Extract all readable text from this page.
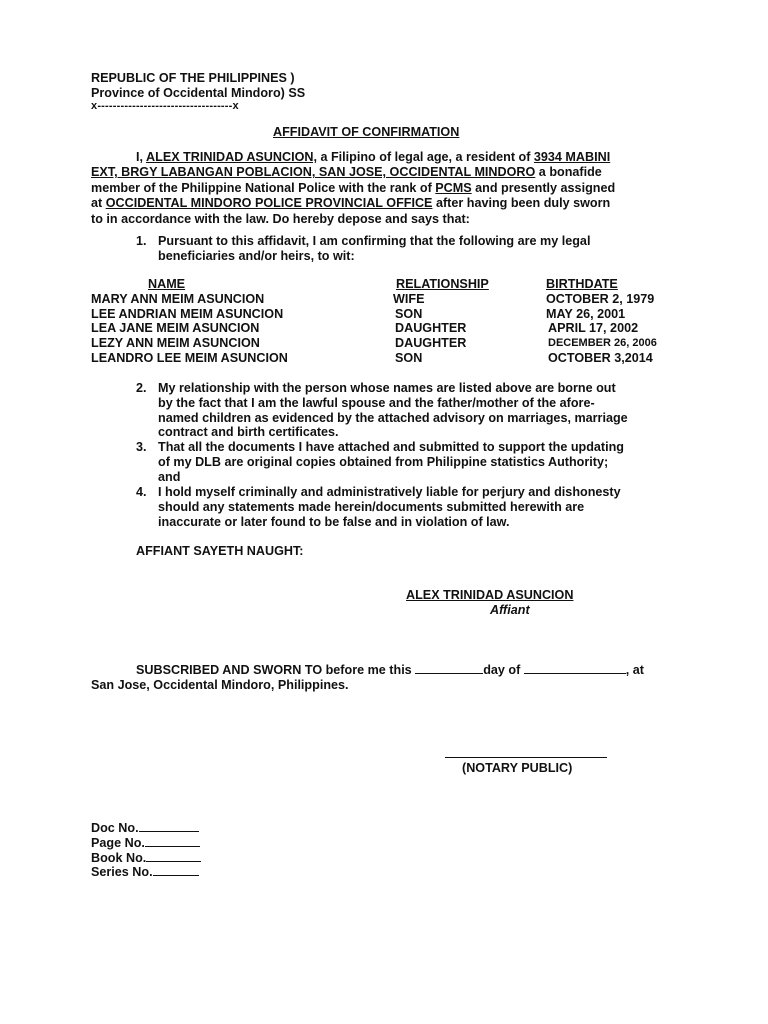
REPUBLIC OF THE PHILIPPINES )
Province of Occidental Mindoro) SS
x-----------------------------------x
AFFIDAVIT OF CONFIRMATION
I, ALEX TRINIDAD ASUNCION, a Filipino of legal age, a resident of 3934 MABINI
EXT, BRGY LABANGAN POBLACION, SAN JOSE, OCCIDENTAL MINDORO a bonafide
member of the Philippine National Police with the rank of PCMS and presently assigned
at OCCIDENTAL MINDORO POLICE PROVINCIAL OFFICE after having been duly sworn
to in accordance with the law. Do hereby depose and says that:
1. Pursuant to this affidavit, I am confirming that the following are my legal
beneficiaries and/or heirs, to wit:
NAME	RELATIONSHIP	BIRTHDATE
MARY ANN MEIM ASUNCION	WIFE	OCTOBER 2, 1979
LEE ANDRIAN MEIM ASUNCION	SON	MAY 26, 2001
LEA JANE MEIM ASUNCION	DAUGHTER	APRIL 17, 2002
LEZY ANN MEIM ASUNCION	DAUGHTER	DECEMBER 26, 2006
LEANDRO LEE MEIM ASUNCION	SON	OCTOBER 3,2014
2. My relationship with the person whose names are listed above are borne out
by the fact that I am the lawful spouse and the father/mother of the afore-
named children as evidenced by the attached advisory on marriages, marriage
contract and birth certificates.
3. That all the documents I have attached and submitted to support the updating
of my DLB are original copies obtained from Philippine statistics Authority;
and
4. I hold myself criminally and administratively liable for perjury and dishonesty
should any statements made herein/documents submitted herewith are
inaccurate or later found to be false and in violation of law.
AFFIANT SAYETH NAUGHT:
ALEX TRINIDAD ASUNCION
Affiant
SUBSCRIBED AND SWORN TO before me this	day of	, at
San Jose, Occidental Mindoro, Philippines.
(NOTARY PUBLIC)
Doc No.
Page No.
Book No.
Series No.
